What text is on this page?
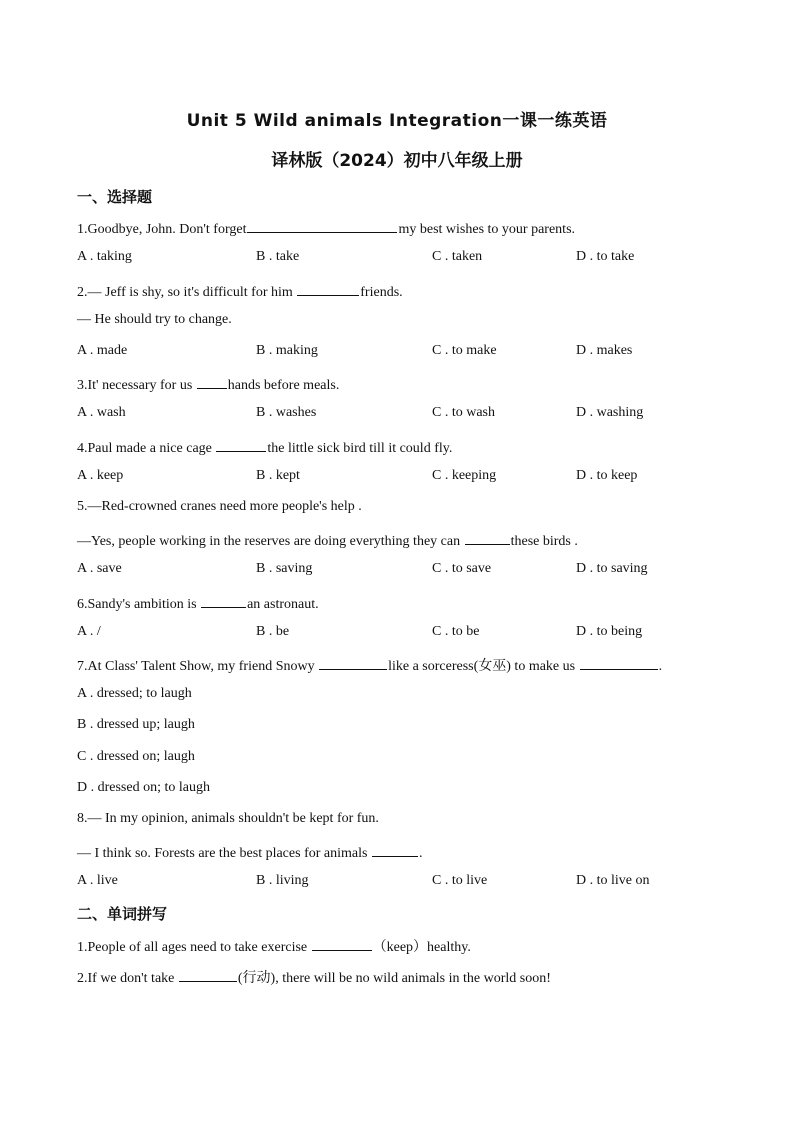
Unit 5 Wild animals Integration一课一练英语
译林版（2024）初中八年级上册
一、选择题
1.Goodbye, John. Don't forget	my best wishes to your parents.
A . taking	B . take	C . taken	D . to take
2.— Jeff is shy, so it's difficult for him	friends.
— He should try to change.
A . made	B . making	C . to make	D . makes
3.It' necessary for us	hands before meals.
A . wash	B . washes	C . to wash	D . washing
4.Paul made a nice cage	the little sick bird till it could fly.
A . keep	B . kept	C . keeping	D . to keep
5.—Red-crowned cranes need more people's help .
—Yes, people working in the reserves are doing everything they can	these birds .
A . save	B . saving	C . to save	D . to saving
6.Sandy's ambition is	an astronaut.
A . /	B . be	C . to be	D . to being
7.At Class' Talent Show, my friend Snowy	like a sorceress(女巫) to make us	.
A . dressed; to laugh
B . dressed up; laugh
C . dressed on; laugh
D . dressed on; to laugh
8.— In my opinion, animals shouldn't be kept for fun.
— I think so. Forests are the best places for animals	.
A . live	B . living	C . to live	D . to live on
二、单词拼写
1.People of all ages need to take exercise	（keep）healthy.
2.If we don't take	(行动), there will be no wild animals in the world soon!
